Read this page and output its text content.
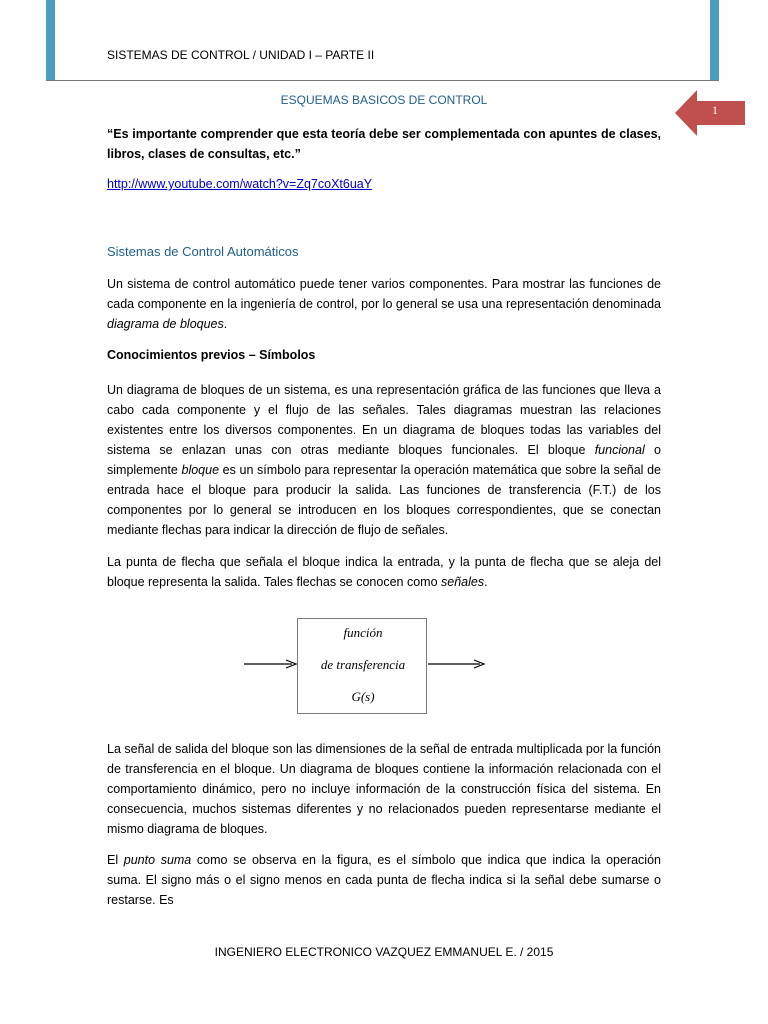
SISTEMAS DE CONTROL / UNIDAD I – PARTE II
1
ESQUEMAS BASICOS DE CONTROL
“Es importante comprender que esta teoría debe ser complementada con apuntes de clases, libros, clases de consultas, etc.”
http://www.youtube.com/watch?v=Zq7coXt6uaY
Sistemas de Control Automáticos
Un sistema de control automático puede tener varios componentes. Para mostrar las funciones de cada componente en la ingeniería de control, por lo general se usa una representación denominada diagrama de bloques.
Conocimientos previos – Símbolos
Un diagrama de bloques de un sistema, es una representación gráfica de las funciones que lleva a cabo cada componente y el flujo de las señales. Tales diagramas muestran las relaciones existentes entre los diversos componentes. En un diagrama de bloques todas las variables del sistema se enlazan unas con otras mediante bloques funcionales. El bloque funcional o simplemente bloque es un símbolo para representar la operación matemática que sobre la señal de entrada hace el bloque para producir la salida. Las funciones de transferencia (F.T.) de los componentes por lo general se introducen en los bloques correspondientes, que se conectan mediante flechas para indicar la dirección de flujo de señales.
La punta de flecha que señala el bloque indica la entrada, y la punta de flecha que se aleja del bloque representa la salida. Tales flechas se conocen como señales.
función
de transferencia
G(s)
La señal de salida del bloque son las dimensiones de la señal de entrada multiplicada por la función de transferencia en el bloque. Un diagrama de bloques contiene la información relacionada con el comportamiento dinámico, pero no incluye información de la construcción física del sistema. En consecuencia, muchos sistemas diferentes y no relacionados pueden representarse mediante el mismo diagrama de bloques.
El punto suma como se observa en la figura, es el símbolo que indica que indica la operación suma. El signo más o el signo menos en cada punta de flecha indica si la señal debe sumarse o restarse. Es
INGENIERO ELECTRONICO VAZQUEZ EMMANUEL E. / 2015
